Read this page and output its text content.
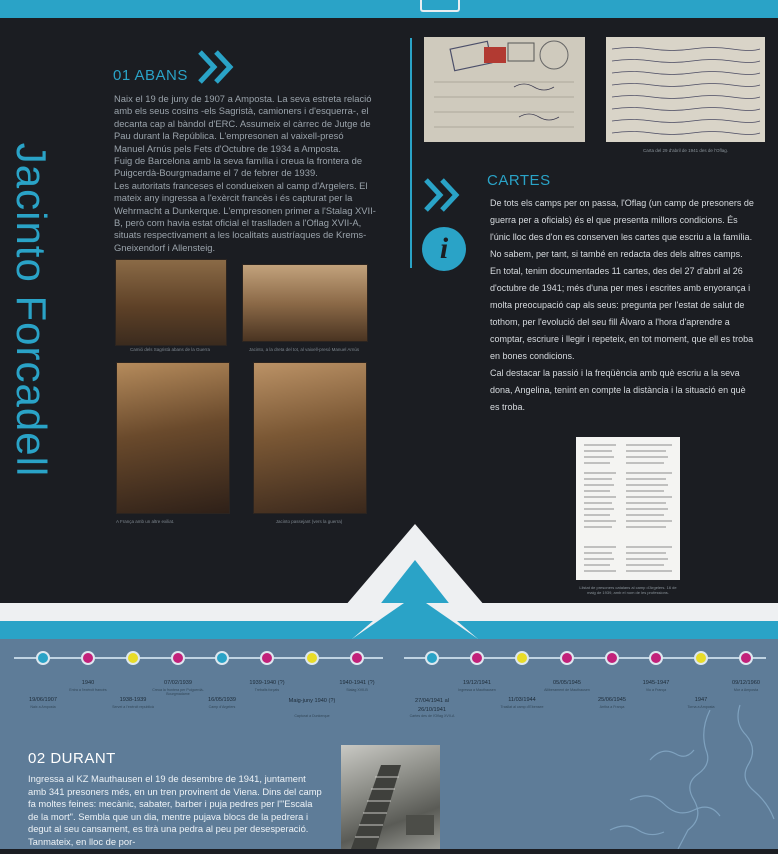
Jacinto Forcadell
01 ABANS
Naix el 19 de juny de 1907 a Amposta. La seva estreta relació amb els seus cosins -els Sagristà, camioners i d'esquerra-, el decanta cap al bàndol d'ERC. Assumeix el càrrec de Jutge de Pau durant la República. L'empresonen al vaixell-presó Manuel Arnús pels Fets d'Octubre de 1934 a Amposta.
Fuig de Barcelona amb la seva família i creua la frontera de Puigcerdà-Bourgmadame el 7 de febrer de 1939.
Les autoritats franceses el condueixen al camp d'Argelers. El mateix any ingressa a l'exèrcit francès i és capturat per la Wehrmacht a Dunkerque. L'empresonen primer a l'Stalag XVII-B, però com havia estat oficial el traslladen a l'Oflag XVII-A, situats respectivament a les localitats austríaques de Krems-Gneixendorf i Allensteig.
Camió dels Sagristà abans de la Guerra	Jacinto, a la dreta del tot, al vaixell-presó Manuel Arnús
A França amb un altre exiliat.	Jacinto passejant (vers la guerra)
Carta del 29 d'abril de 1941 des de l'Oflag.
CARTES
i
De tots els camps per on passa, l'Oflag (un camp de presoners de guerra per a oficials) és el que presenta millors condicions. És l'únic lloc des d'on es conserven les cartes que escriu a la família.
No sabem, per tant, si també en redacta des dels altres camps. En total, tenim documentades 11 cartes, des del 27 d'abril al 26 d'octubre de 1941; més d'una per mes i escrites amb enyorança i molta preocupació cap als seus: pregunta per l'estat de salut de tothom, per l'evolució del seu fill Álvaro a l'hora d'aprendre a comptar, escriure i llegir i repeteix, en tot moment, que ell es troba en bones condicions.
Cal destacar la passió i la freqüència amb què escriu a la seva dona, Angelina, tenint en compte la distància i la situació en què es troba.
Llistat de presoners catalans al camp d'Argelers. 16 de maig de 1939, amb el nom de les professions.
19/06/1907
Naix a Amposta
1940
Entra a l'exèrcit francès
1938-1939
Servei a l'exèrcit republicà
07/02/1939
Creua la frontera per Puigcerdà-Bourgmadame
16/05/1939
Camp d'Argelers
1939-1940 (?)
Treballs forçats
Maig-juny 1940 (?)
Capturat a Dunkerque
1940-1941 (?)
Stalag XVII-B
27/04/1941 al 26/10/1941
Cartes des de l'Oflag XVII-A
19/12/1941
Ingressa a Mauthausen
11/03/1944
Trasllat al camp d'Ebensee
05/05/1945
Alliberament de Mauthausen
25/06/1945
Arriba a França
1945-1947
Viu a França
1947
Torna a Amposta
09/12/1960
Mor a Amposta
02 DURANT
Ingressa al KZ Mauthausen el 19 de desembre de 1941, juntament amb 341 presoners més, en un tren provinent de Viena. Dins del camp fa moltes feines: mecànic, sabater, barber i puja pedres per l'"Escala de la mort". Sembla que un dia, mentre pujava blocs de la pedrera i degut al seu cansament, es tirà una pedra al peu per desesperació. Tanmateix, en lloc de por-
